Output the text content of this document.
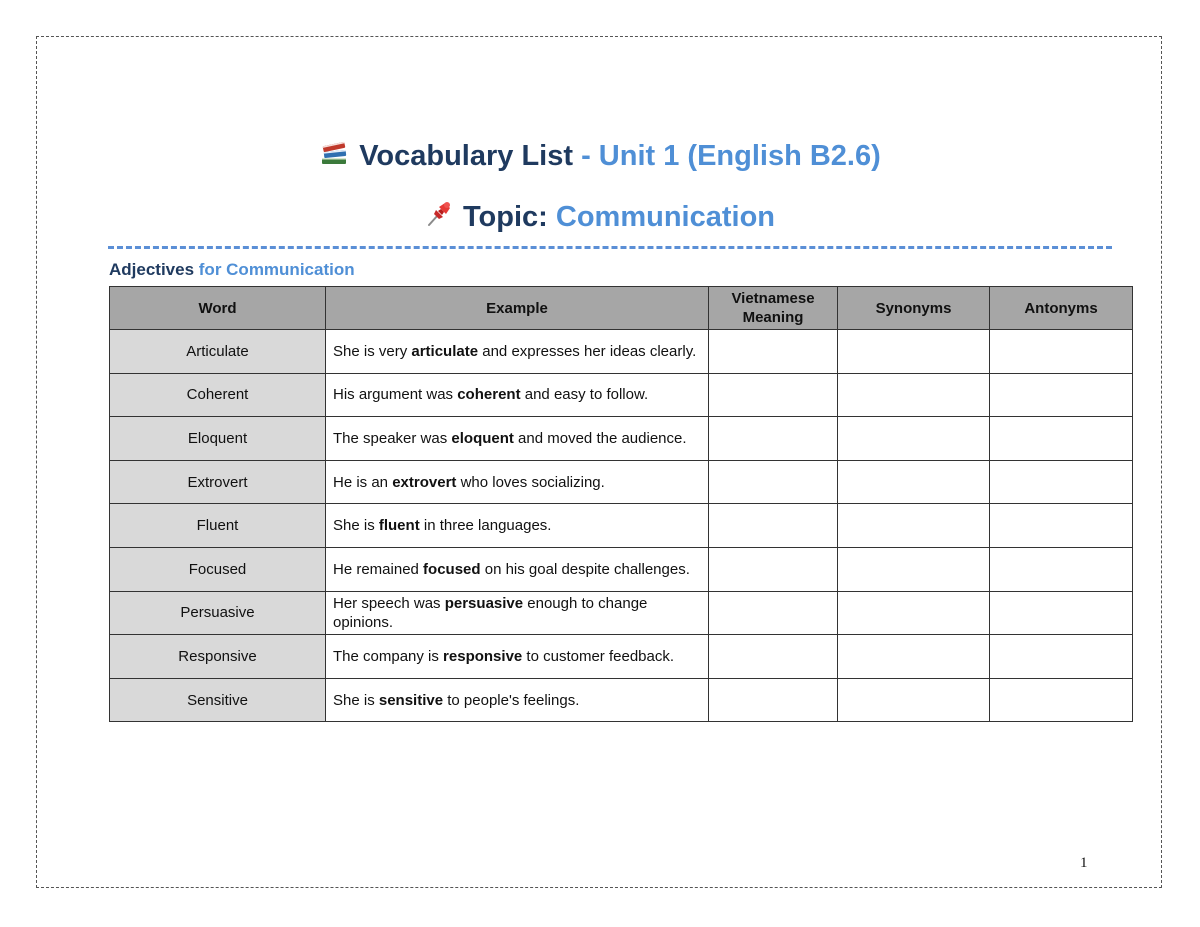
Vocabulary List - Unit 1 (English B2.6)
Topic: Communication
Adjectives for Communication
Word	Example	Vietnamese Meaning	Synonyms	Antonyms
Articulate	She is very articulate and expresses her ideas clearly.			
Coherent	His argument was coherent and easy to follow.			
Eloquent	The speaker was eloquent and moved the audience.			
Extrovert	He is an extrovert who loves socializing.			
Fluent	She is fluent in three languages.			
Focused	He remained focused on his goal despite challenges.			
Persuasive	Her speech was persuasive enough to change opinions.			
Responsive	The company is responsive to customer feedback.			
Sensitive	She is sensitive to people's feelings.			
1
